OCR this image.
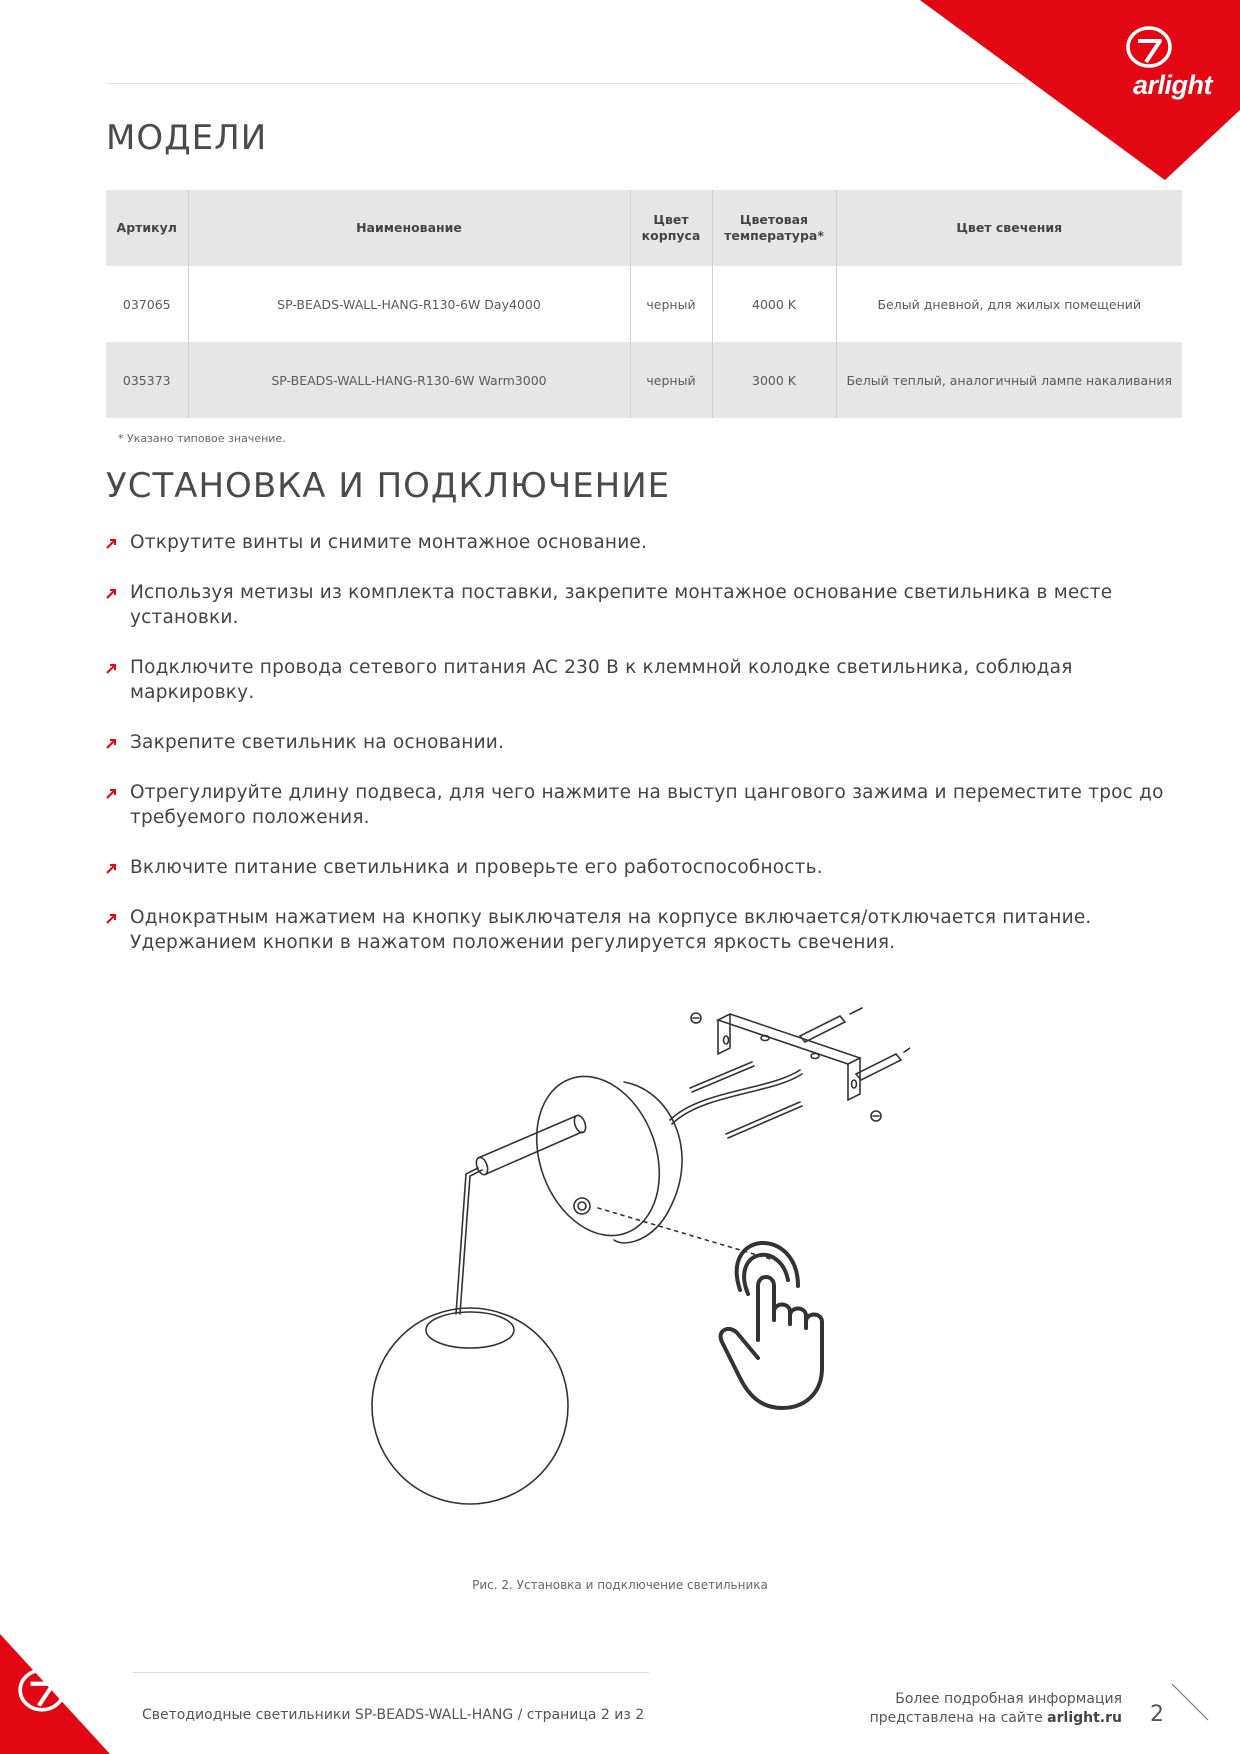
arlight
МОДЕЛИ
Артикул	Наименование	Цвет корпуса	Цветовая температура*	Цвет свечения
037065	SP-BEADS-WALL-HANG-R130-6W Day4000	черный	4000 K	Белый дневной, для жилых помещений
035373	SP-BEADS-WALL-HANG-R130-6W Warm3000	черный	3000 K	Белый теплый, аналогичный лампе накаливания
* Указано типовое значение.
УСТАНОВКА И ПОДКЛЮЧЕНИЕ
Открутите винты и снимите монтажное основание.
Используя метизы из комплекта поставки, закрепите монтажное основание светильника в месте установки.
Подключите провода сетевого питания AC 230 В к клеммной колодке светильника, соблюдая маркировку.
Закрепите светильник на основании.
Отрегулируйте длину подвеса, для чего нажмите на выступ цангового зажима и переместите трос до требуемого положения.
Включите питание светильника и проверьте его работоспособность.
Однократным нажатием на кнопку выключателя на корпусе включается/отключается питание. Удержанием кнопки в нажатом положении регулируется яркость свечения.
Рис. 2. Установка и подключение светильника
Светодиодные светильники SP-BEADS-WALL-HANG / страница 2 из 2
Более подробная информация
представлена на сайте arlight.ru 2
